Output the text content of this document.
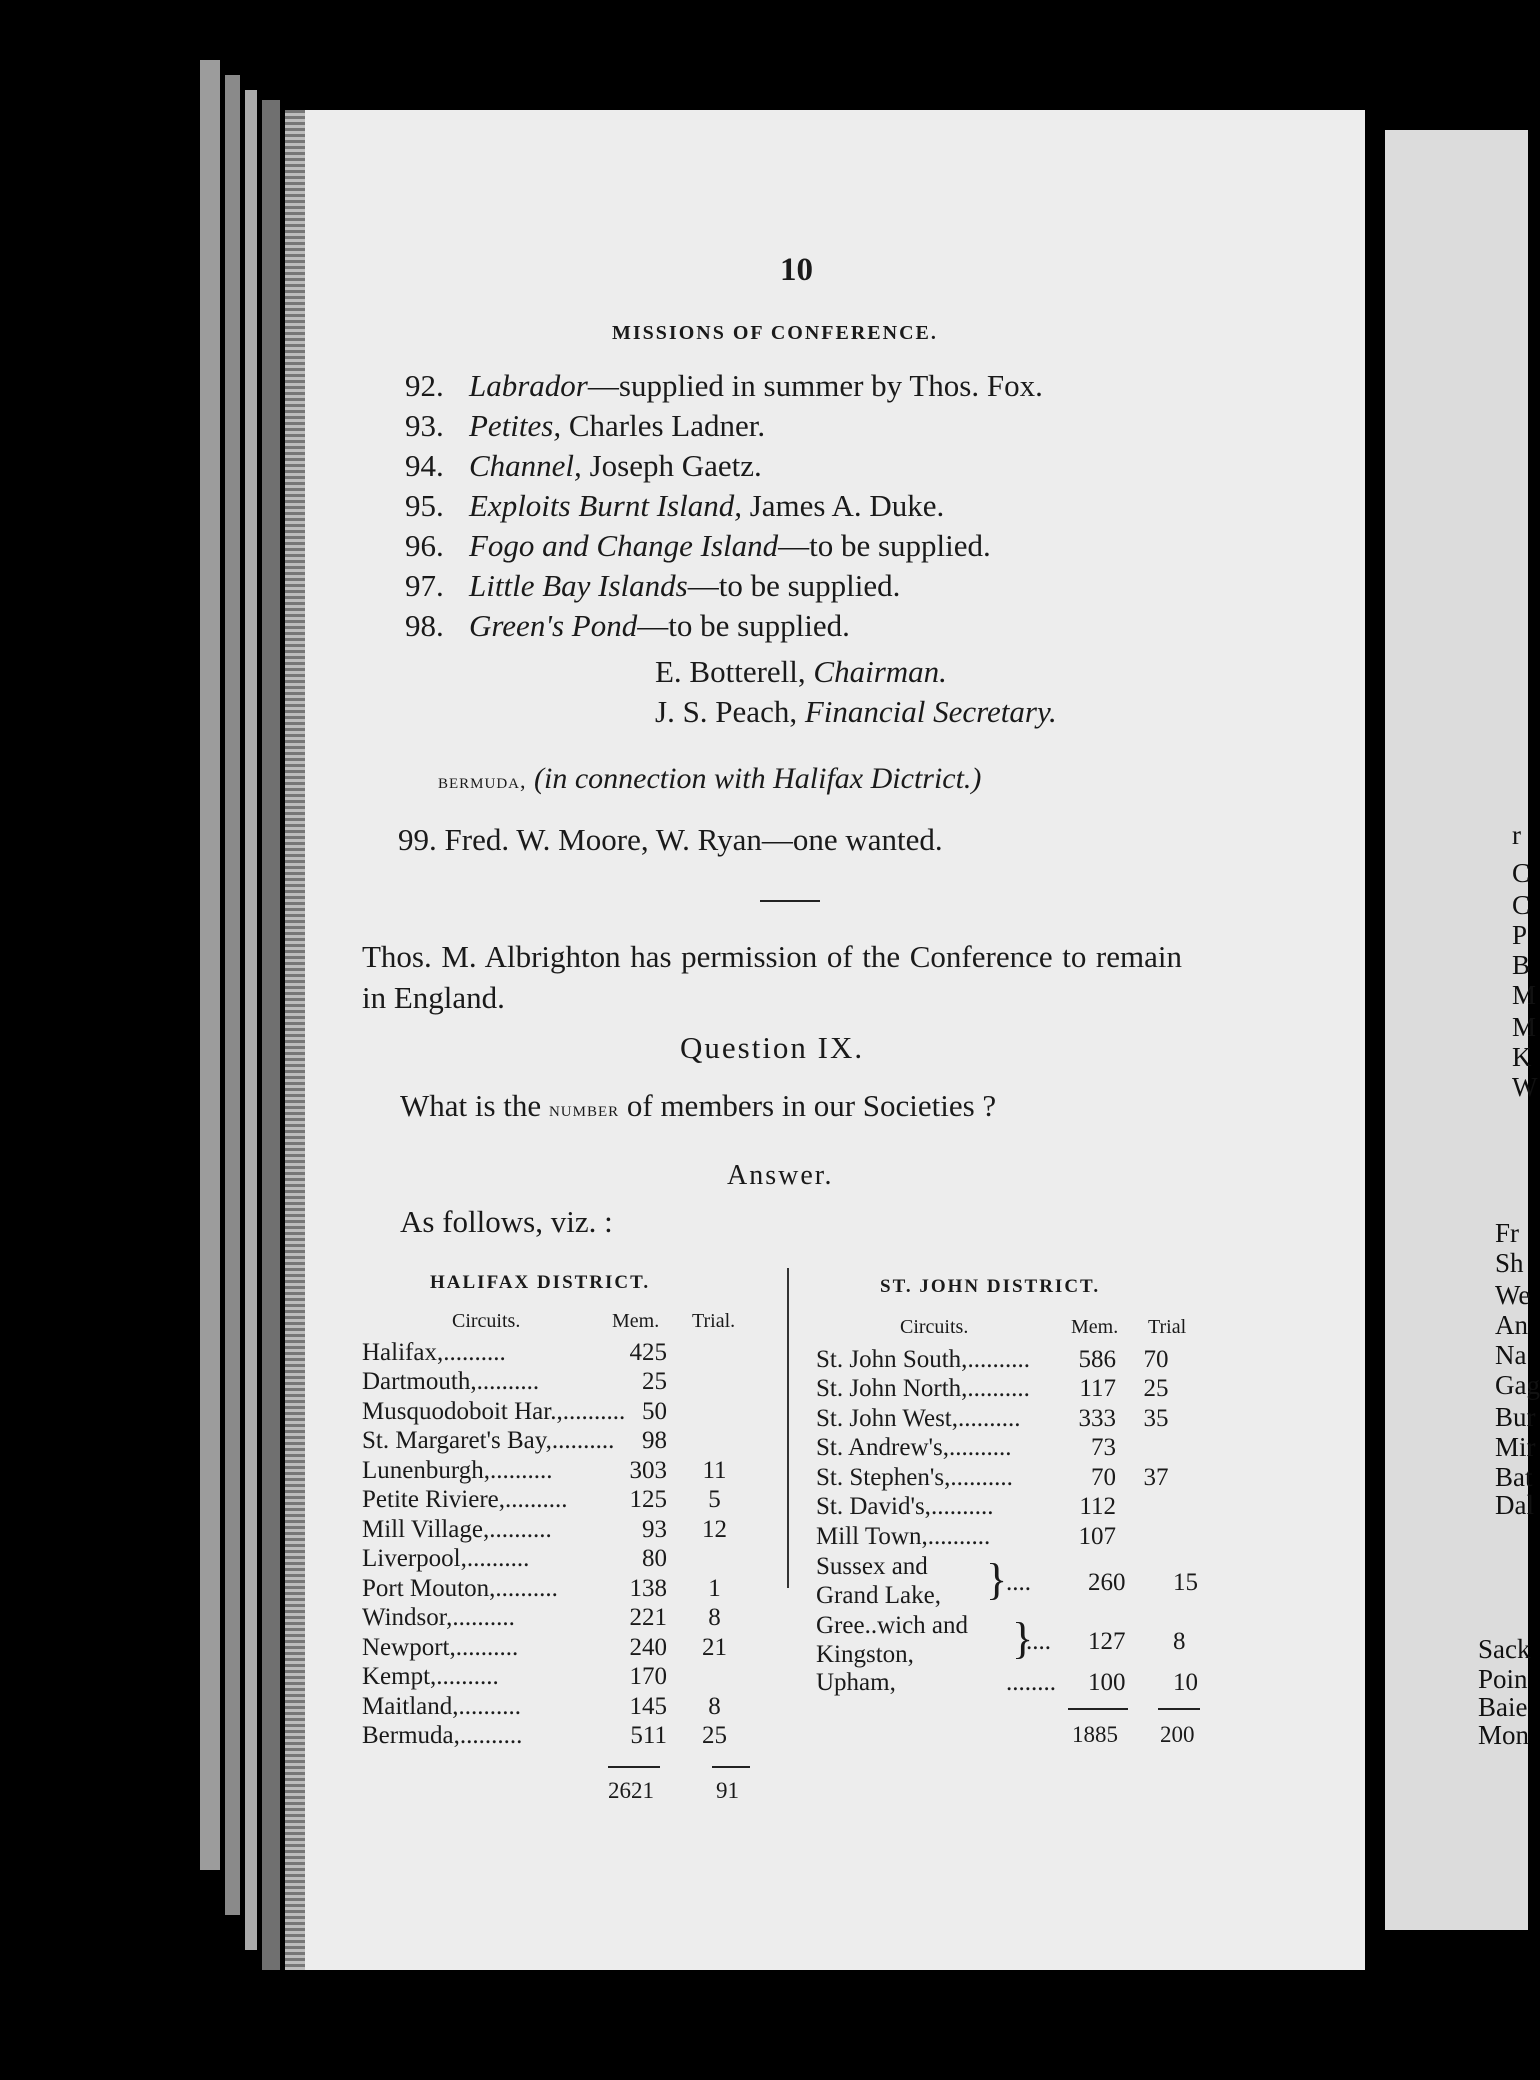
r
C
C
P
B
M
M
K
W
Fr
Sh
We
An
Na
Gag
Bur
Mir
Bat
Dal
Sack
Poin
Baie
Mon
10
MISSIONS OF CONFERENCE.
92. Labrador—supplied in summer by Thos. Fox.
93. Petites, Charles Ladner.
94. Channel, Joseph Gaetz.
95. Exploits Burnt Island, James A. Duke.
96. Fogo and Change Island—to be supplied.
97. Little Bay Islands—to be supplied.
98. Green's Pond—to be supplied.
E. Botterell, Chairman.
J. S. Peach, Financial Secretary.
bermuda, (in connection with Halifax Dictrict.)
99. Fred. W. Moore, W. Ryan—one wanted.
Thos. M. Albrighton has permission of the Conference to remain in England.
Question IX.
What is the number of members in our Societies ?
Answer.
As follows, viz. :
HALIFAX DISTRICT.
Circuits.	Mem. Trial.
Halifax,..........	425	
Dartmouth,..........	25	
Musquodoboit Har.,..........	50	
St. Margaret's Bay,..........	98	
Lunenburgh,..........	303	11
Petite Riviere,..........	125	5
Mill Village,..........	93	12
Liverpool,..........	80	
Port Mouton,..........	138	1
Windsor,..........	221	8
Newport,..........	240	21
Kempt,..........	170	
Maitland,..........	145	8
Bermuda,..........	511	25
2621	91
ST. JOHN DISTRICT.
Circuits.	Mem. Trial
St. John South,..........	586	70
St. John North,..........	117	25
St. John West,..........	333	35
St. Andrew's,..........	73	
St. Stephen's,..........	70	37
St. David's,..........	112	
Mill Town,..........	107	
Sussex and
Grand Lake, }
.... 260 15
Gree..wich and
Kingston, }
.... 127 8
Upham,	........ 100 10
1885 200
